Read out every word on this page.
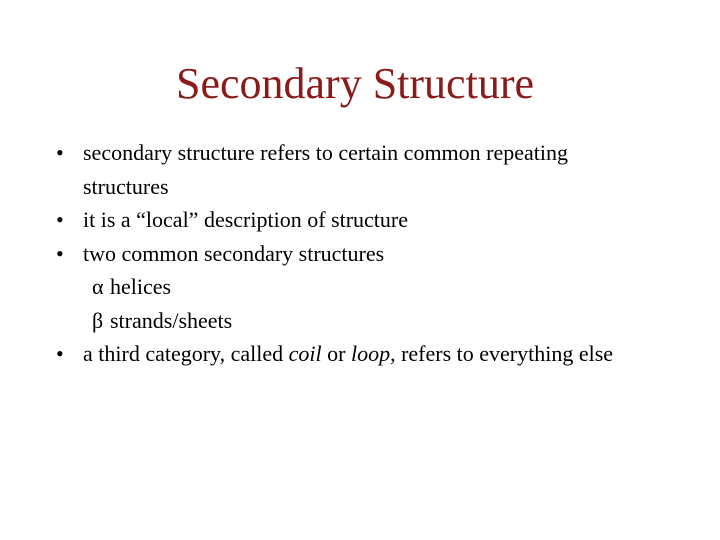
Secondary Structure
• secondary structure refers to certain common repeating structures
• it is a “local” description of structure
• two common secondary structures
α helices
β strands/sheets
• a third category, called coil or loop, refers to everything else
